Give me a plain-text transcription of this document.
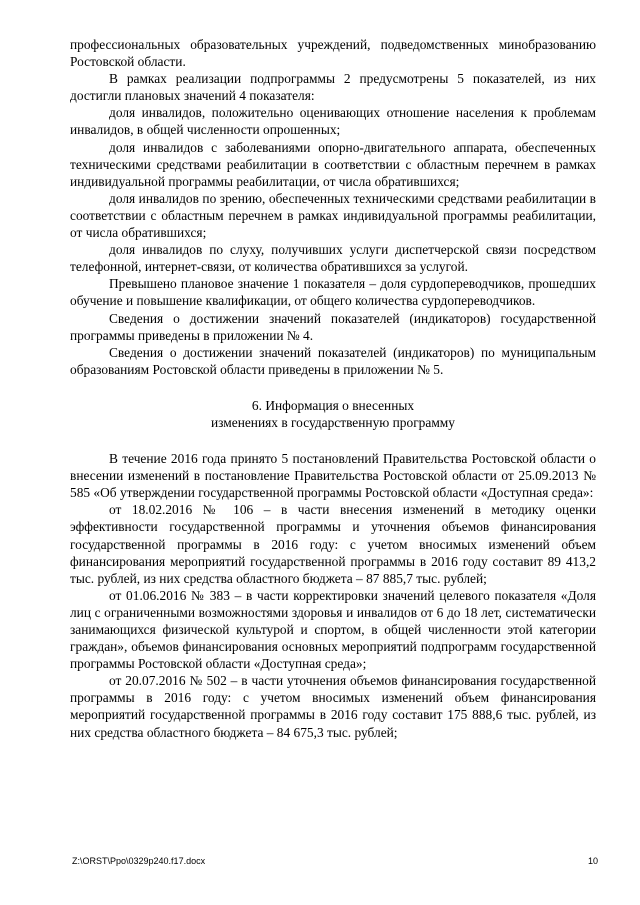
профессиональных образовательных учреждений, подведомственных минобразованию Ростовской области.

В рамках реализации подпрограммы 2 предусмотрены 5 показателей, из них достигли плановых значений 4 показателя:

доля инвалидов, положительно оценивающих отношение населения к проблемам инвалидов, в общей численности опрошенных;

доля инвалидов с заболеваниями опорно-двигательного аппарата, обеспеченных техническими средствами реабилитации в соответствии с областным перечнем в рамках индивидуальной программы реабилитации, от числа обратившихся;

доля инвалидов по зрению, обеспеченных техническими средствами реабилитации в соответствии с областным перечнем в рамках индивидуальной программы реабилитации, от числа обратившихся;

доля инвалидов по слуху, получивших услуги диспетчерской связи посредством телефонной, интернет-связи, от количества обратившихся за услугой.

Превышено плановое значение 1 показателя – доля сурдопереводчиков, прошедших обучение и повышение квалификации, от общего количества сурдопереводчиков.

Сведения о достижении значений показателей (индикаторов) государственной программы приведены в приложении № 4.

Сведения о достижении значений показателей (индикаторов) по муниципальным образованиям Ростовской области приведены в приложении № 5.

6. Информация о внесенных
изменениях в государственную программу

В течение 2016 года принято 5 постановлений Правительства Ростовской области о внесении изменений в постановление Правительства Ростовской области от 25.09.2013 № 585 «Об утверждении государственной программы Ростовской области «Доступная среда»:

от 18.02.2016 № 106 – в части внесения изменений в методику оценки эффективности государственной программы и уточнения объемов финансирования государственной программы в 2016 году: с учетом вносимых изменений объем финансирования мероприятий государственной программы в 2016 году составит 89 413,2 тыс. рублей, из них средства областного бюджета – 87 885,7 тыс. рублей;

от 01.06.2016 № 383 – в части корректировки значений целевого показателя «Доля лиц с ограниченными возможностями здоровья и инвалидов от 6 до 18 лет, систематически занимающихся физической культурой и спортом, в общей численности этой категории граждан», объемов финансирования основных мероприятий подпрограмм государственной программы Ростовской области «Доступная среда»;

от 20.07.2016 № 502 – в части уточнения объемов финансирования государственной программы в 2016 году: с учетом вносимых изменений объем финансирования мероприятий государственной программы в 2016 году составит 175 888,6 тыс. рублей, из них средства областного бюджета – 84 675,3 тыс. рублей;

Z:\ORST\Ppo\0329p240.f17.docx	10
